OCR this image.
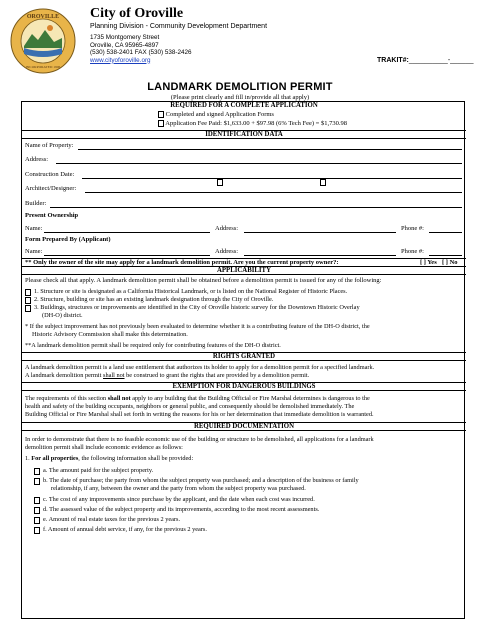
OROVILLE
INCORPORATED 1906
City of Oroville
Planning Division - Community Development Department
1735 Montgomery Street
Oroville, CA 95965-4897
(530) 538-2401 FAX (530) 538-2426
www.cityoforoville.org	TRAKIT#:__________-______
LANDMARK DEMOLITION PERMIT
(Please print clearly and fill in/provide all that apply)
REQUIRED FOR A COMPLETE APPLICATION
Completed and signed Application Forms
Application Fee Paid: $1,633.00 + $97.98 (6% Tech Fee) = $1,730.98
IDENTIFICATION DATA
Name of Property:
Address:
Construction Date:
Architect/Designer:
Builder:
Present Ownership
Name:	Address:	Phone #:
Form Prepared By (Applicant)
Name:	Address:	Phone #:
** Only the owner of the site may apply for a landmark demolition permit. Are you the current property owner?:	[ ] Yes [ ] No
APPLICABILITY
Please check all that apply. A landmark demolition permit shall be obtained before a demolition permit is issued for any of the following:
1. Structure or site is designated as a California Historical Landmark, or is listed on the National Register of Historic Places.
2. Structure, building or site has an existing landmark designation through the City of Oroville.
3. Buildings, structures or improvements are identified in the City of Oroville historic survey for the Downtown Historic Overlay
(DH-O) district.
* If the subject improvement has not previously been evaluated to determine whether it is a contributing feature of the DH-O district, the
Historic Advisory Commission shall make this determination.
**A landmark demolition permit shall be required only for contributing features of the DH-O district.
RIGHTS GRANTED
A landmark demolition permit is a land use entitlement that authorizes its holder to apply for a demolition permit for a specified landmark.
A landmark demolition permit shall not be construed to grant the rights that are provided by a demolition permit.
EXEMPTION FOR DANGEROUS BUILDINGS
The requirements of this section shall not apply to any building that the Building Official or Fire Marshal determines is dangerous to the
health and safety of the building occupants, neighbors or general public, and consequently should be demolished immediately. The
Building Official or Fire Marshal shall set forth in writing the reasons for his or her determination that immediate demolition is warranted.
REQUIRED DOCUMENTATION
In order to demonstrate that there is no feasible economic use of the building or structure to be demolished, all applications for a landmark
demolition permit shall include economic evidence as follows:
1. For all properties, the following information shall be provided:
a. The amount paid for the subject property.
b. The date of purchase; the party from whom the subject property was purchased; and a description of the business or family
relationship, if any, between the owner and the party from whom the subject property was purchased.
c. The cost of any improvements since purchase by the applicant, and the date when each cost was incurred.
d. The assessed value of the subject property and its improvements, according to the most recent assessments.
e. Amount of real estate taxes for the previous 2 years.
f. Amount of annual debt service, if any, for the previous 2 years.
